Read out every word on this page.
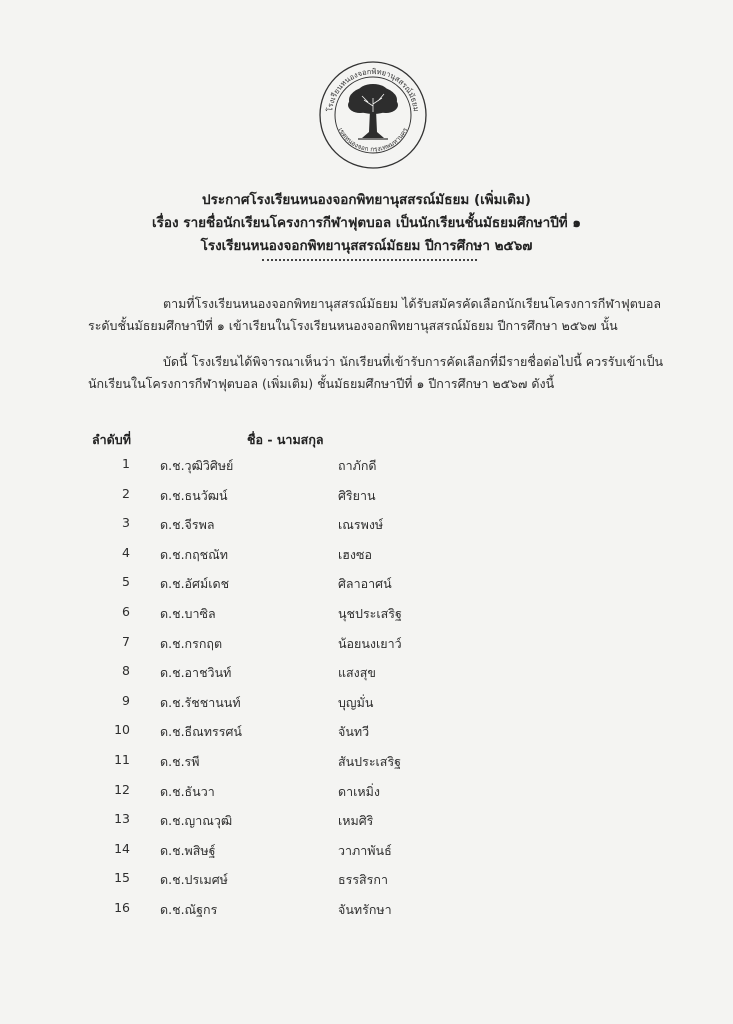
โรงเรียนหนองจอกพิทยานุสสรณ์มัธยม
เขตหนองจอก กรุงเทพมหานคร
ประกาศโรงเรียนหนองจอกพิทยานุสสรณ์มัธยม (เพิ่มเติม)
เรื่อง รายชื่อนักเรียนโครงการกีฬาฟุตบอล เป็นนักเรียนชั้นมัธยมศึกษาปีที่ ๑
โรงเรียนหนองจอกพิทยานุสสรณ์มัธยม ปีการศึกษา ๒๕๖๗
ตามที่โรงเรียนหนองจอกพิทยานุสสรณ์มัธยม ได้รับสมัครคัดเลือกนักเรียนโครงการกีฬาฟุตบอล
ระดับชั้นมัธยมศึกษาปีที่ ๑ เข้าเรียนในโรงเรียนหนองจอกพิทยานุสสรณ์มัธยม ปีการศึกษา ๒๕๖๗ นั้น
บัดนี้ โรงเรียนได้พิจารณาเห็นว่า นักเรียนที่เข้ารับการคัดเลือกที่มีรายชื่อต่อไปนี้ ควรรับเข้าเป็น
นักเรียนในโครงการกีฬาฟุตบอล (เพิ่มเติม) ชั้นมัธยมศึกษาปีที่ ๑ ปีการศึกษา ๒๕๖๗ ดังนี้
ลำดับที่	ชื่อ - นามสกุล
1 ด.ช.วุฒิวิศิษย์	ถาภักดี
2 ด.ช.ธนวัฒน์	ศิริยาน
3 ด.ช.จีรพล	เณรพงษ์
4 ด.ช.กฤชณัท	เฮงซอ
5 ด.ช.อัศม์เดช	ศิลาอาศน์
6 ด.ช.บาซิล	นุชประเสริฐ
7 ด.ช.กรกฤต	น้อยนงเยาว์
8 ด.ช.อาชวินท์	แสงสุข
9 ด.ช.รัชชานนท์	บุญมั่น
10 ด.ช.ธีณทรรศน์	จันทวี
11 ด.ช.รพี	สันประเสริฐ
12 ด.ช.ธันวา	ดาเหมิ่ง
13 ด.ช.ญาณวุฒิ	เหมศิริ
14 ด.ช.พสิษฐ์	วาภาพันธ์
15 ด.ช.ปรเมศษ์	ธรรสิรกา
16 ด.ช.ณัฐกร	จันทรักษา
